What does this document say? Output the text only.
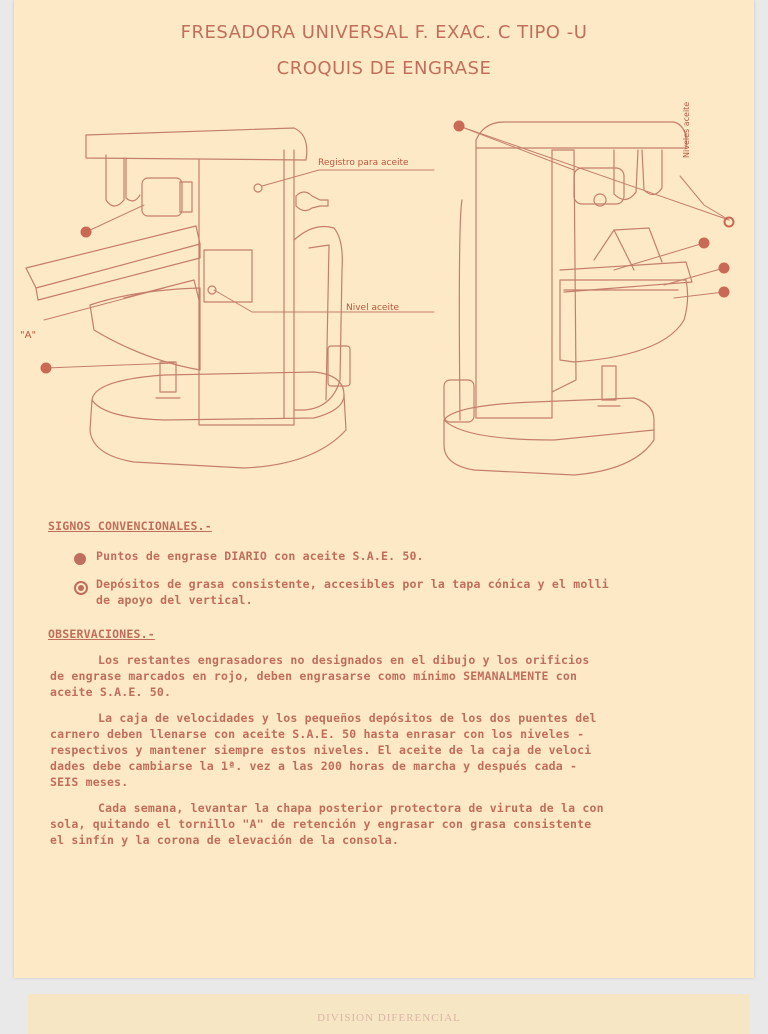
FRESADORA UNIVERSAL F. EXAC. C TIPO -U
CROQUIS DE ENGRASE
Registro para aceite
Nivel aceite
"A"
Niveles aceite
SIGNOS CONVENCIONALES.-
Puntos de engrase DIARIO con aceite S.A.E. 50.
Depósitos de grasa consistente, accesibles por la tapa cónica y el molli
de apoyo del vertical.
OBSERVACIONES.-
Los restantes engrasadores no designados en el dibujo y los orificios
de engrase marcados en rojo, deben engrasarse como mínimo SEMANALMENTE con
aceite S.A.E. 50.
La caja de velocidades y los pequeños depósitos de los dos puentes del
carnero deben llenarse con aceite S.A.E. 50 hasta enrasar con los niveles -
respectivos y mantener siempre estos niveles. El aceite de la caja de veloci
dades debe cambiarse la 1ª. vez a las 200 horas de marcha y después cada -
SEIS meses.
Cada semana, levantar la chapa posterior protectora de viruta de la con
sola, quitando el tornillo "A" de retención y engrasar con grasa consistente
el sinfín y la corona de elevación de la consola.
DIVISION DIFERENCIAL
